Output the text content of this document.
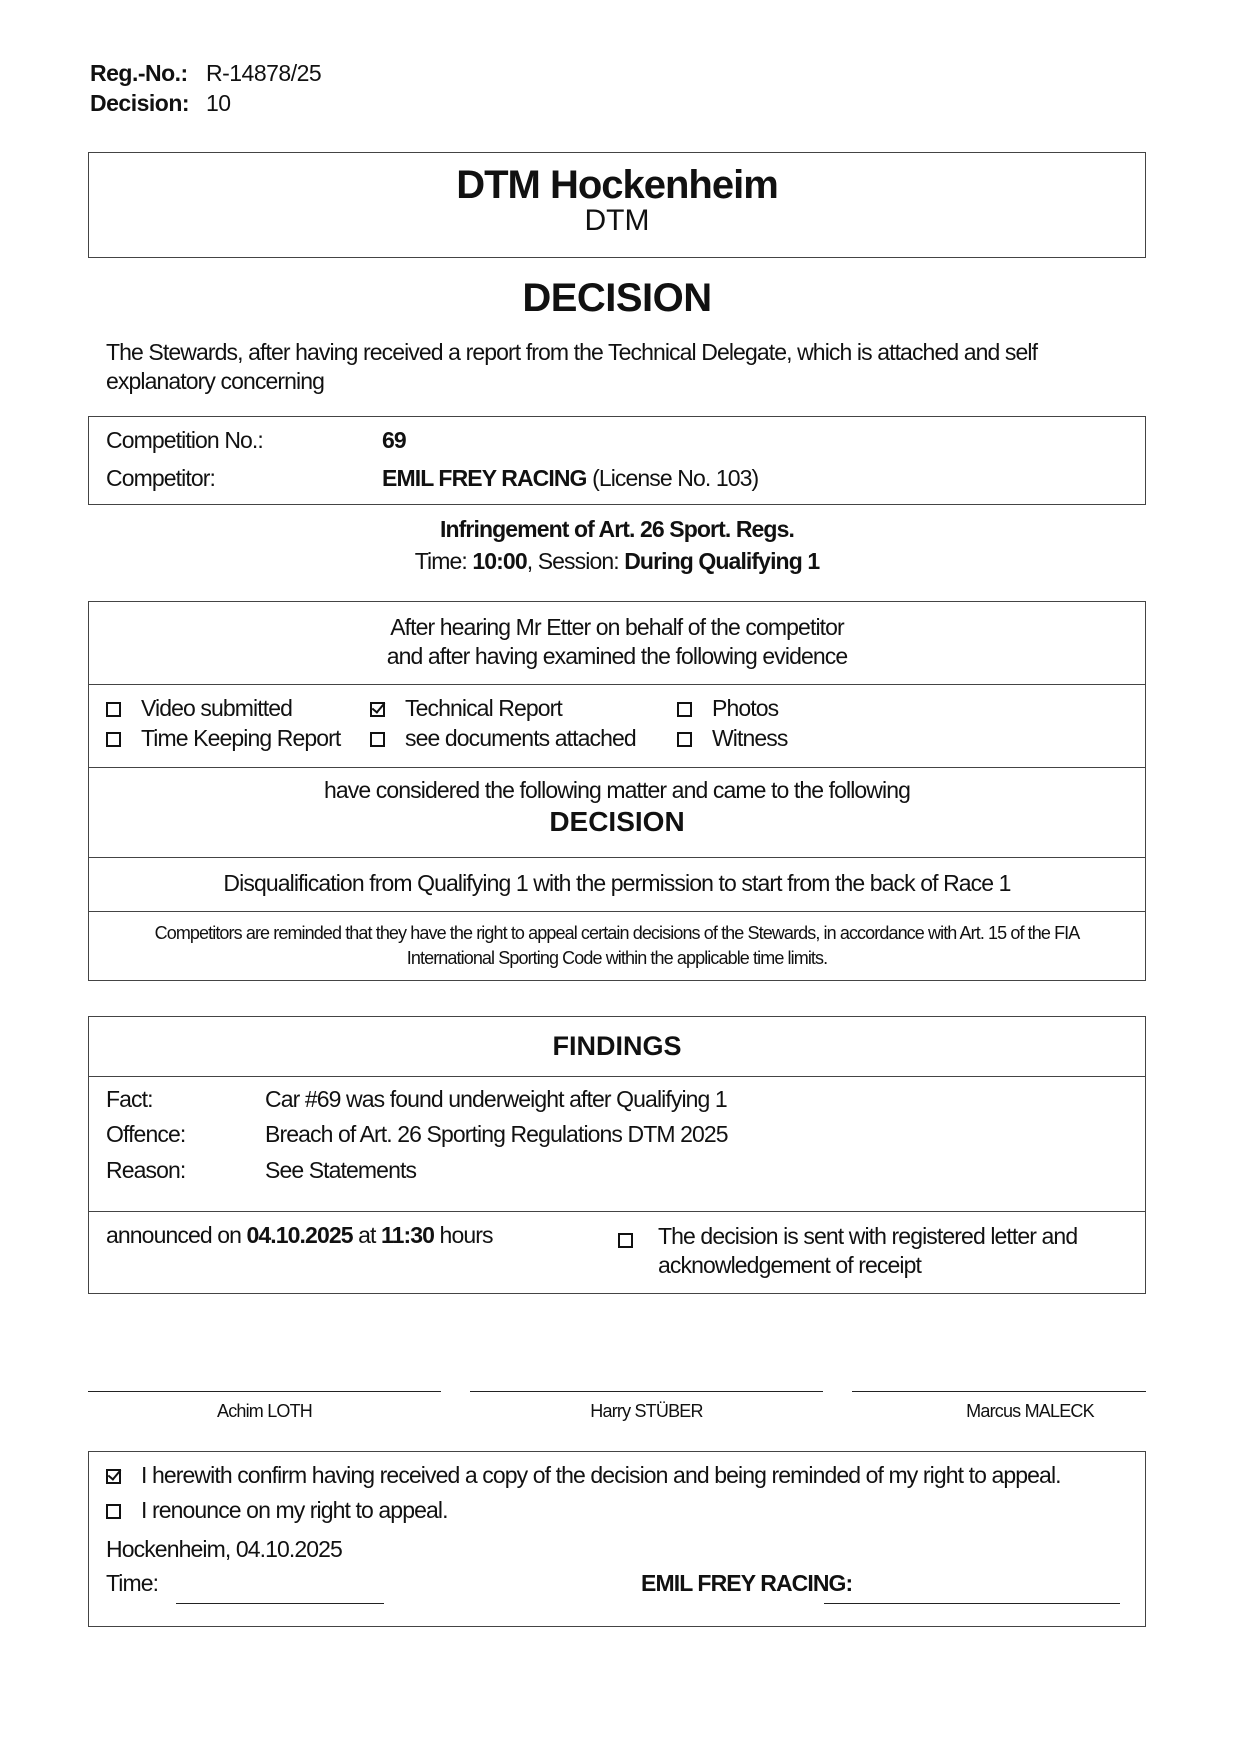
Reg.-No.: R-14878/25
Decision: 10
DTM Hockenheim
DTM
DECISION
The Stewards, after having received a report from the Technical Delegate, which is attached and self explanatory concerning
Competition No.:	69
Competitor:	EMIL FREY RACING (License No. 103)
Infringement of Art. 26 Sport. Regs.
Time: 10:00, Session: During Qualifying 1
After hearing Mr Etter on behalf of the competitor
and after having examined the following evidence
Video submitted	Technical Report	Photos
Time Keeping Report	see documents attached	Witness
have considered the following matter and came to the following
DECISION
Disqualification from Qualifying 1 with the permission to start from the back of Race 1
Competitors are reminded that they have the right to appeal certain decisions of the Stewards, in accordance with Art. 15 of the FIA
International Sporting Code within the applicable time limits.
FINDINGS
Fact:	Car #69 was found underweight after Qualifying 1
Offence:	Breach of Art. 26 Sporting Regulations DTM 2025
Reason:	See Statements
announced on 04.10.2025 at 11:30 hours	The decision is sent with registered letter and
acknowledgement of receipt
Achim LOTH	Harry STÜBER	Marcus MALECK
I herewith confirm having received a copy of the decision and being reminded of my right to appeal.
I renounce on my right to appeal.
Hockenheim, 04.10.2025
Time:	EMIL FREY RACING:
